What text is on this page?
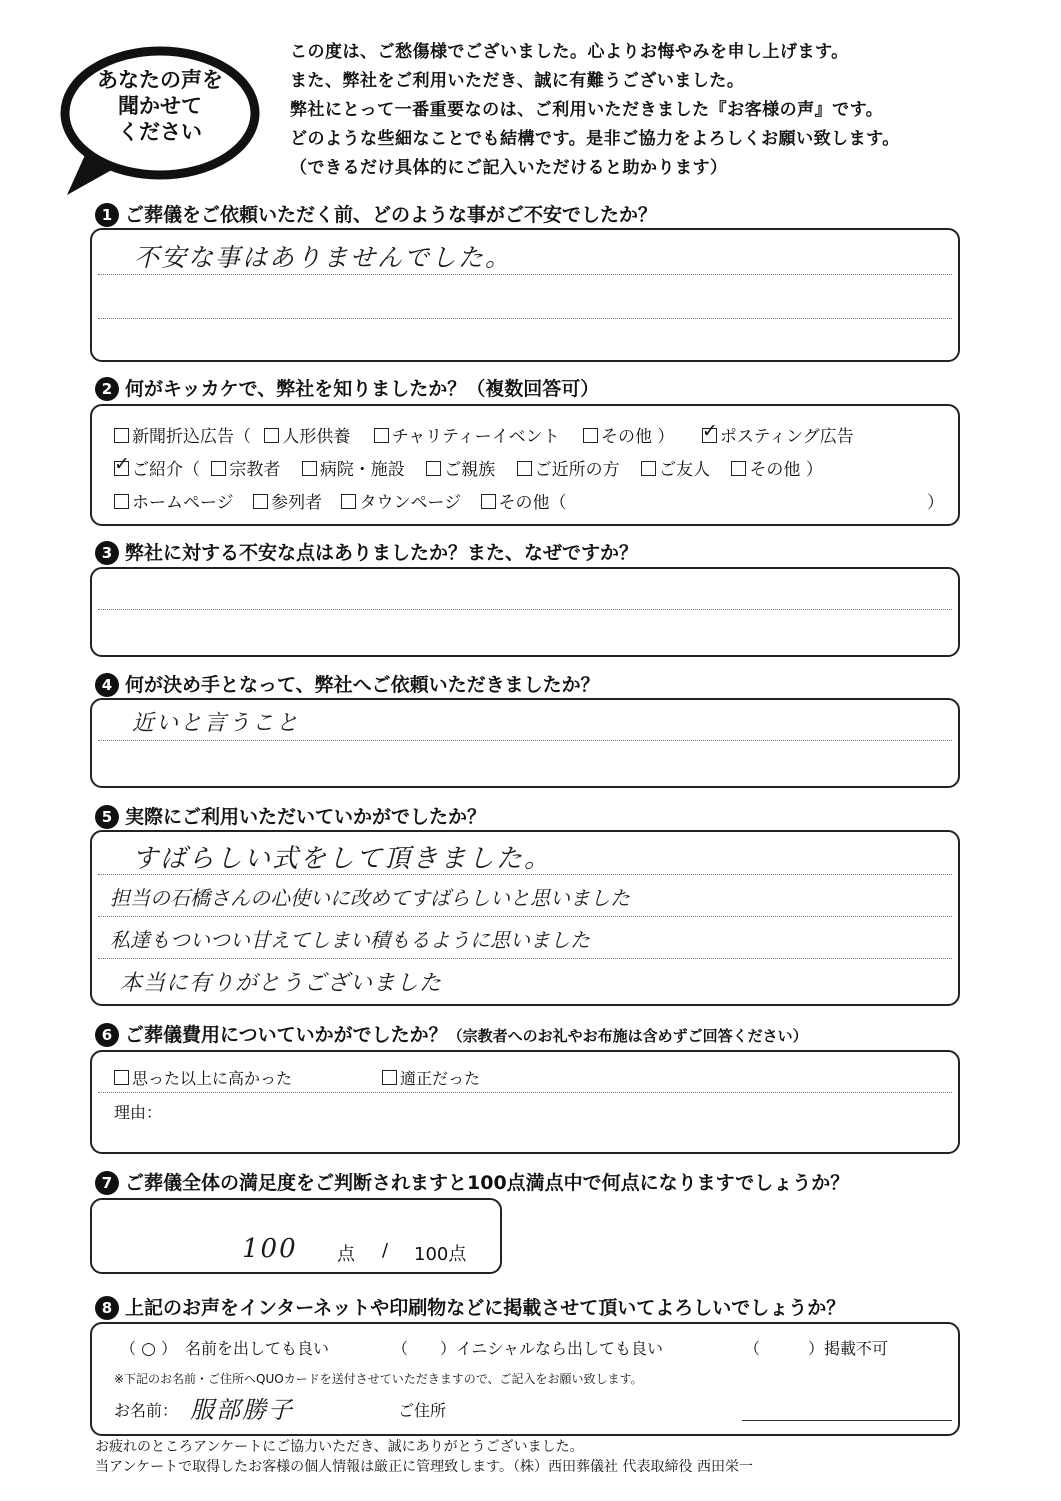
あなたの声を
聞かせて
ください
この度は、ご愁傷様でございました。心よりお悔やみを申し上げます。
また、弊社をご利用いただき、誠に有難うございました。
弊社にとって一番重要なのは、ご利用いただきました『お客様の声』です。
どのような些細なことでも結構です。是非ご協力をよろしくお願い致します。
（できるだけ具体的にご記入いただけると助かります）
1 ご葬儀をご依頼いただく前、どのような事がご不安でしたか？
不安な事はありませんでした。
2 何がキッカケで、弊社を知りましたか？（複数回答可）
新聞折込広告（ 人形供養 チャリティーイベント その他 ） ✓	ポスティング広告
✓ご紹介（ 宗教者 病院・施設 ご親族 ご近所の方 ご友人 その他 ）
ホームページ 参列者 タウンページ その他（	）
3 弊社に対する不安な点はありましたか？また、なぜですか？
4 何が決め手となって、弊社へご依頼いただきましたか？
近いと言うこと
5 実際にご利用いただいていかがでしたか？
すばらしい式をして頂きました。
担当の石橋さんの心使いに改めてすばらしいと思いました
私達もついつい甘えてしまい積もるように思いました
本当に有りがとうございました
6 ご葬儀費用についていかがでしたか？（宗教者へのお礼やお布施は含めずご回答ください）
思った以上に高かった	適正だった
理由：
7 ご葬儀全体の満足度をご判断されますと100点満点中で何点になりますでしょうか？
100 点 / 100点
8 上記のお声をインターネットや印刷物などに掲載させて頂いてよろしいでしょうか？
（ ○ ） 名前を出しても良い	（　　）イニシャルなら出しても良い	（　　　）掲載不可
※下記のお名前・ご住所へQUOカードを送付させていただきますので、ご記入をお願い致します。
お名前： 服部勝子	ご住所
お疲れのところアンケートにご協力いただき、誠にありがとうございました。
当アンケートで取得したお客様の個人情報は厳正に管理致します。（株）西田葬儀社 代表取締役 西田栄一
